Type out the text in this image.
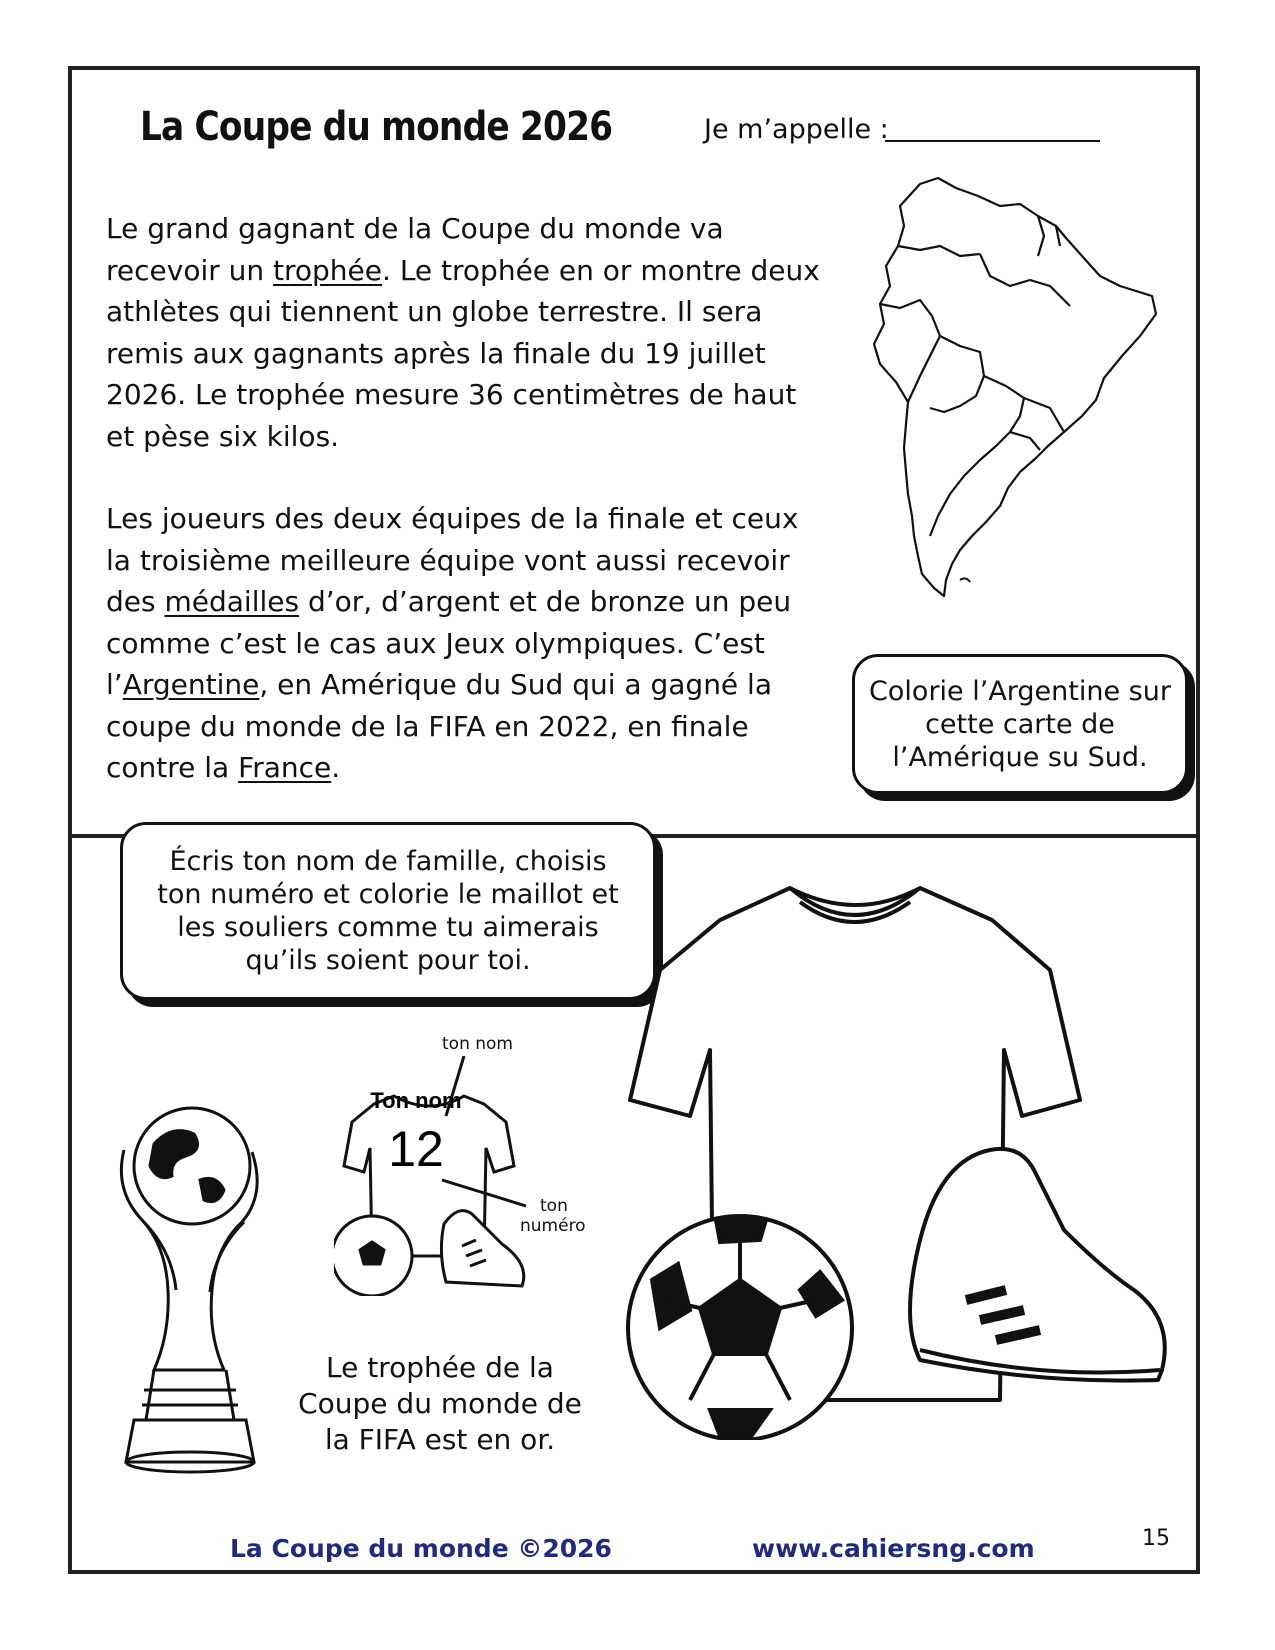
La Coupe du monde 2026	Je m’appelle :
Le grand gagnant de la Coupe du monde va recevoir un trophée. Le trophée en or montre deux athlètes qui tiennent un globe terrestre. Il sera remis aux gagnants après la finale du 19 juillet 2026. Le trophée mesure 36 centimètres de haut et pèse six kilos.
Les joueurs des deux équipes de la finale et ceux la troisième meilleure équipe vont aussi recevoir des médailles d’or, d’argent et de bronze un peu comme c’est le cas aux Jeux olympiques. C’est l’Argentine, en Amérique du Sud qui a gagné la coupe du monde de la FIFA en 2022, en finale contre la France.
Colorie l’Argentine sur cette carte de l’Amérique su Sud.
Écris ton nom de famille, choisis ton numéro et colorie le maillot et les souliers comme tu aimerais qu’ils soient pour toi.
ton nom
Ton nom
12
ton
numéro
Le trophée de la Coupe du monde de la FIFA est en or.
La Coupe du monde ©2026	www.cahiersng.com	15
